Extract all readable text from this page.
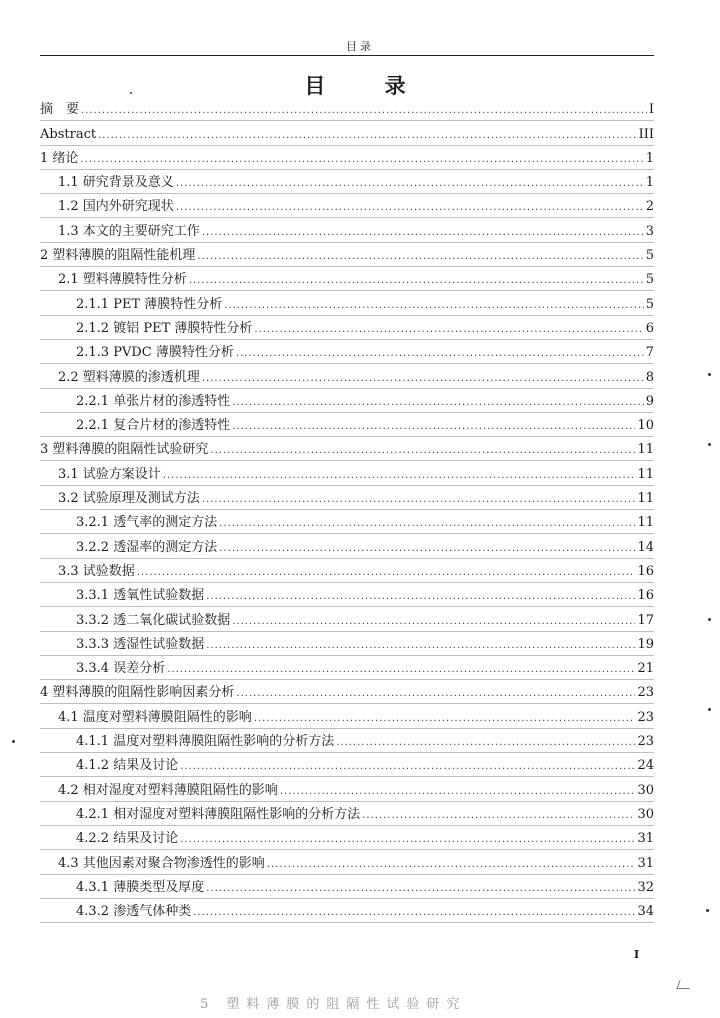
目录
目 录
摘　要 .....	I
Abstract .....	III
1 绪论 .....	1
1.1 研究背景及意义 .....	1
1.2 国内外研究现状 .....	2
1.3 本文的主要研究工作 .....	3
2 塑料薄膜的阻隔性能机理 .....	5
2.1 塑料薄膜特性分析 .....	5
2.1.1 PET 薄膜特性分析 .....	5
2.1.2 镀铝 PET 薄膜特性分析 .....	6
2.1.3 PVDC 薄膜特性分析 .....	7
2.2 塑料薄膜的渗透机理 .....	8
2.2.1 单张片材的渗透特性 .....	9
2.2.1 复合片材的渗透特性 .....	10
3 塑料薄膜的阻隔性试验研究 .....	11
3.1 试验方案设计 .....	11
3.2 试验原理及测试方法 .....	11
3.2.1 透气率的测定方法 .....	11
3.2.2 透湿率的测定方法 .....	14
3.3 试验数据 .....	16
3.3.1 透氧性试验数据 .....	16
3.3.2 透二氧化碳试验数据 .....	17
3.3.3 透湿性试验数据 .....	19
3.3.4 误差分析 .....	21
4 塑料薄膜的阻隔性影响因素分析 .....	23
4.1 温度对塑料薄膜阻隔性的影响 .....	23
4.1.1 温度对塑料薄膜阻隔性影响的分析方法 .....	23
4.1.2 结果及讨论 .....	24
4.2 相对湿度对塑料薄膜阻隔性的影响 .....	30
4.2.1 相对湿度对塑料薄膜阻隔性影响的分析方法 .....	30
4.2.2 结果及讨论 .....	31
4.3 其他因素对聚合物渗透性的影响 .....	31
4.3.1 薄膜类型及厚度 .....	32
4.3.2 渗透气体种类 .....	34
I
5 塑料薄膜的阻隔性试验研究
